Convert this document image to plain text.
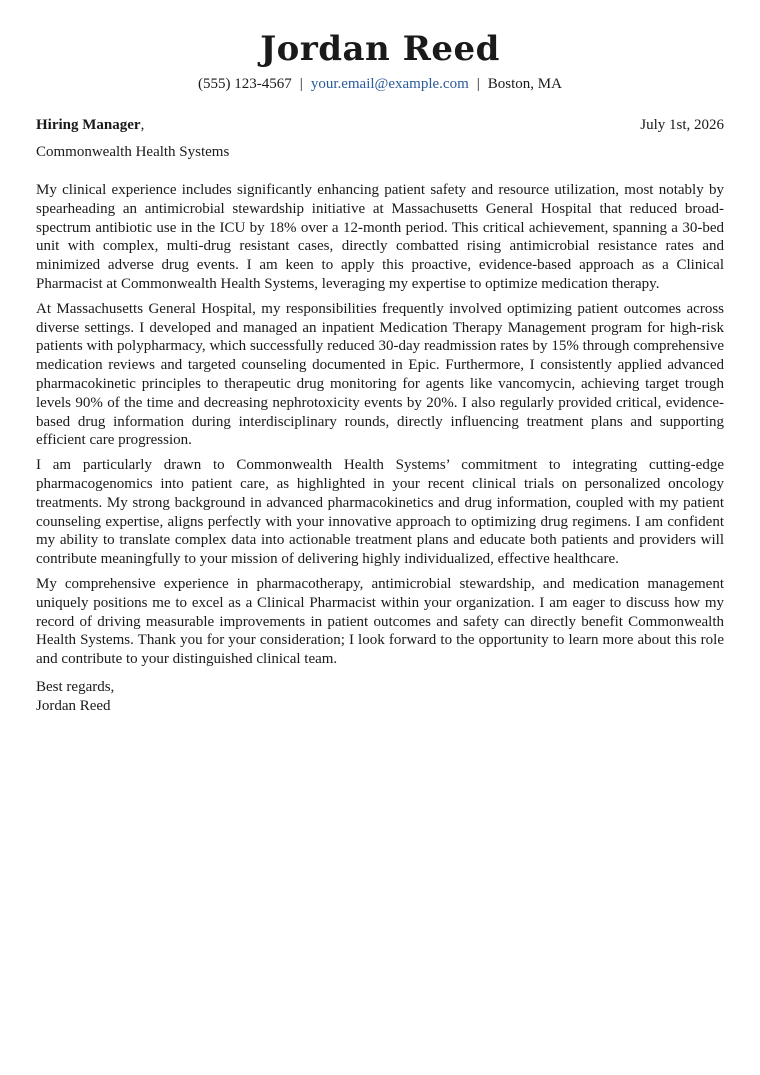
Jordan Reed
(555) 123-4567 | your.email@example.com | Boston, MA
Hiring Manager,	July 1st, 2026
Commonwealth Health Systems

My clinical experience includes significantly enhancing patient safety and resource utilization, most notably by spearheading an antimicrobial stewardship initiative at Massachusetts General Hospital that reduced broad-spectrum antibiotic use in the ICU by 18% over a 12-month period. This critical achievement, spanning a 30-bed unit with complex, multi-drug resistant cases, directly combatted rising antimicrobial resistance rates and minimized adverse drug events. I am keen to apply this proactive, evidence-based approach as a Clinical Pharmacist at Commonwealth Health Systems, leveraging my expertise to optimize medication therapy.

At Massachusetts General Hospital, my responsibilities frequently involved optimizing patient outcomes across diverse settings. I developed and managed an inpatient Medication Therapy Management program for high-risk patients with polypharmacy, which successfully reduced 30-day readmission rates by 15% through comprehensive medication reviews and targeted counseling documented in Epic. Furthermore, I consistently applied advanced pharmacokinetic principles to therapeutic drug monitoring for agents like vancomycin, achieving target trough levels 90% of the time and decreasing nephrotoxicity events by 20%. I also regularly provided critical, evidence-based drug information during interdisciplinary rounds, directly influencing treatment plans and supporting efficient care progression.

I am particularly drawn to Commonwealth Health Systems’ commitment to integrating cutting-edge pharmacogenomics into patient care, as highlighted in your recent clinical trials on personalized oncology treatments. My strong background in advanced pharmacokinetics and drug information, coupled with my patient counseling expertise, aligns perfectly with your innovative approach to optimizing drug regimens. I am confident my ability to translate complex data into actionable treatment plans and educate both patients and providers will contribute meaningfully to your mission of delivering highly individualized, effective healthcare.

My comprehensive experience in pharmacotherapy, antimicrobial stewardship, and medication management uniquely positions me to excel as a Clinical Pharmacist within your organization. I am eager to discuss how my record of driving measurable improvements in patient outcomes and safety can directly benefit Commonwealth Health Systems. Thank you for your consideration; I look forward to the opportunity to learn more about this role and contribute to your distinguished clinical team.

Best regards,
Jordan Reed
